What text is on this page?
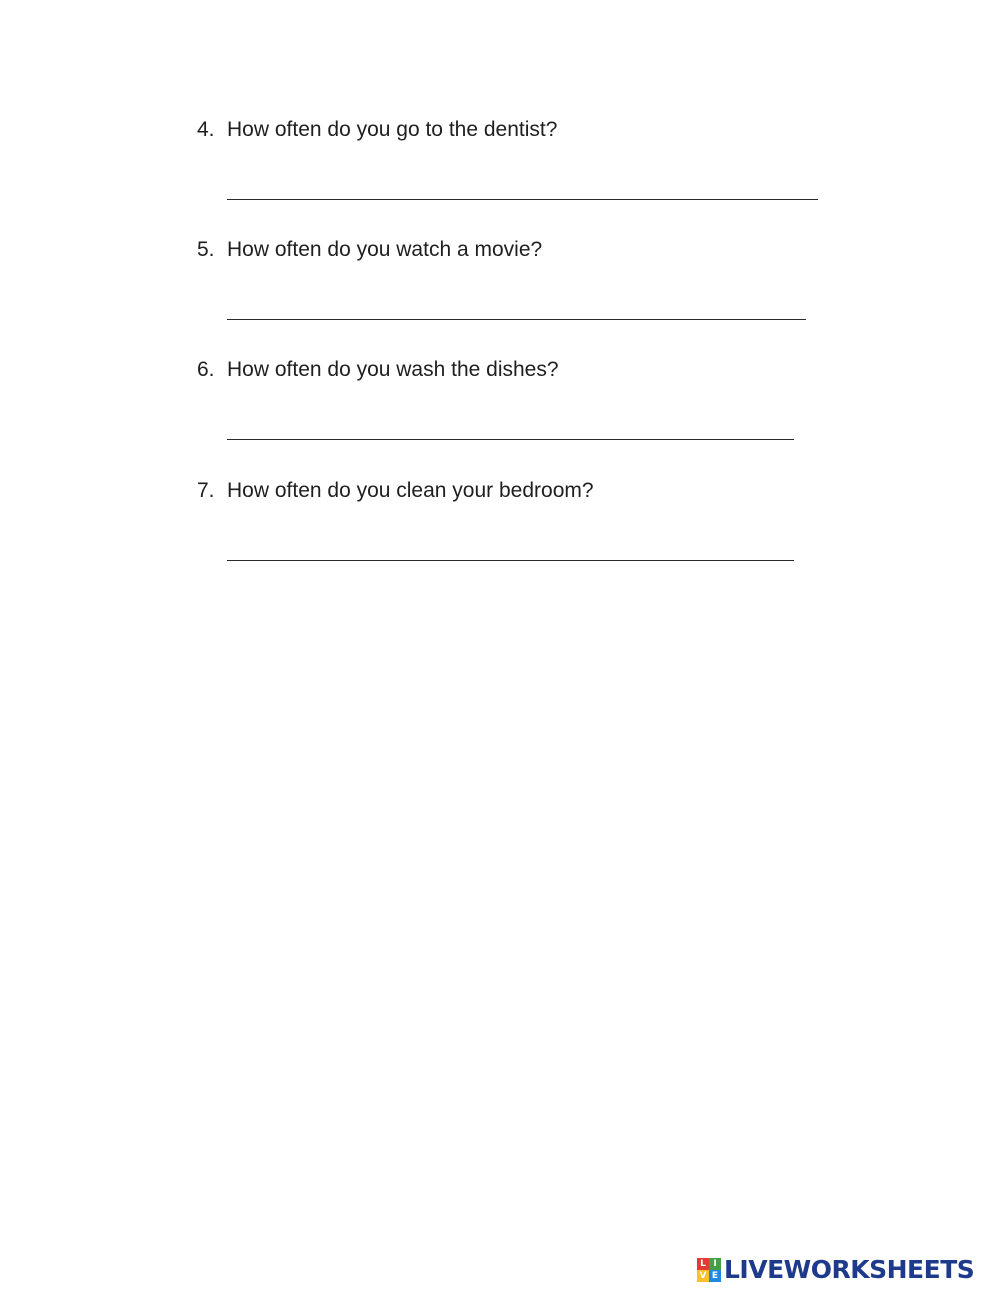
4. How often do you go to the dentist?
5. How often do you watch a movie?
6. How often do you wash the dishes?
7. How often do you clean your bedroom?
L I
V E LIVEWORKSHEETS
